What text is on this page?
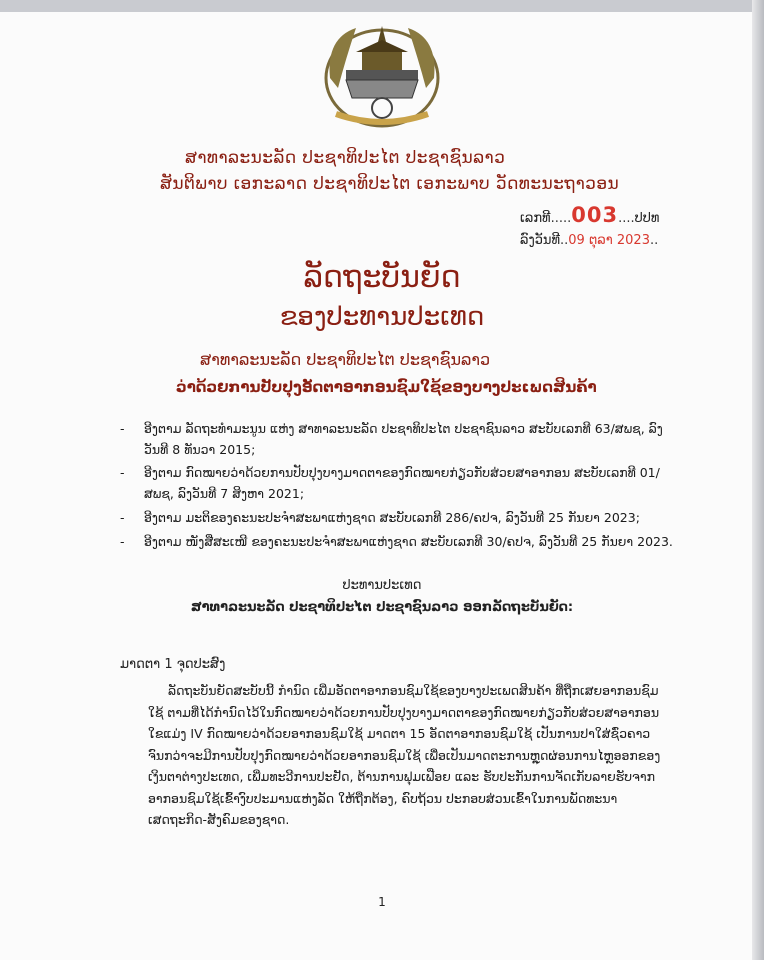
ສາທາລະນະລັດ ປະຊາທິປະໄຕ ປະຊາຊົນລາວ
ສັນຕິພາບ ເອກະລາດ ປະຊາທິປະໄຕ ເອກະພາບ ວັດທະນະຖາວອນ
ເລກທີ.....003....ປປທ
ລົງວັນທີ..09 ຕຸລາ 2023..
ລັດຖະບັນຍັດ
ຂອງປະທານປະເທດ
ສາທາລະນະລັດ ປະຊາທິປະໄຕ ປະຊາຊົນລາວ
ວ່າດ້ວຍການປັບປຸງອັດຕາອາກອນຊົມໃຊ້ຂອງບາງປະເພດສິນຄ້າ
- ອີງຕາມ ລັດຖະທຳມະນູນ ແຫ່ງ ສາທາລະນະລັດ ປະຊາທິປະໄຕ ປະຊາຊົນລາວ ສະບັບເລກທີ 63/ສພຊ, ລົງວັນທີ 8 ທັນວາ 2015;
- ອີງຕາມ ກົດໝາຍວ່າດ້ວຍການປັບປຸງບາງມາດຕາຂອງກົດໝາຍກ່ຽວກັບສ່ວຍສາອາກອນ ສະບັບເລກທີ 01/ສພຊ, ລົງວັນທີ 7 ສິງຫາ 2021;
- ອີງຕາມ ມະຕິຂອງຄະນະປະຈຳສະພາແຫ່ງຊາດ ສະບັບເລກທີ 286/ຄປຈ, ລົງວັນທີ 25 ກັນຍາ 2023;
- ອີງຕາມ ໜັງສືສະເໜີ ຂອງຄະນະປະຈຳສະພາແຫ່ງຊາດ ສະບັບເລກທີ 30/ຄປຈ, ລົງວັນທີ 25 ກັນຍາ 2023.
ປະທານປະເທດ
ສາທາລະນະລັດ ປະຊາທິປະໄຕ ປະຊາຊົນລາວ ອອກລັດຖະບັນຍັດ:
ມາດຕາ 1 ຈຸດປະສົງ
ລັດຖະບັນຍັດສະບັບນີ້ ກຳນົດ ເພີ່ມອັດຕາອາກອນຊົມໃຊ້ຂອງບາງປະເພດສິນຄ້າ ທີ່ຖືກເສຍອາກອນຊົມໃຊ້ ຕາມທີ່ໄດ້ກຳນົດໄວ້ໃນກົດໝາຍວ່າດ້ວຍການປັບປຸງບາງມາດຕາຂອງກົດໝາຍກ່ຽວກັບສ່ວຍສາອາກອນ ໃຂແມ່ງ IV ກົດໝາຍວ່າດ້ວຍອາກອນຊົມໃຊ້ ມາດຕາ 15 ອັດຕາອາກອນຊົມໃຊ້ ເປັນການປາໃສ່ຊົ່ວຄາວ ຈົນກວ່າຈະມີການປັບປຸງກົດໝາຍວ່າດ້ວຍອາກອນຊົມໃຊ້ ເພື່ອເປັນມາດຕະການຫຼຸດຜ່ອນການໄຫຼອອກຂອງເງິນຕາຕ່າງປະເທດ, ເພີ່ມທະວີການປະຢັດ, ຕ້ານການຟຸມເຟືອຍ ແລະ ຮັບປະກັນການຈັດເກັບລາຍຮັບຈາກອາກອນຊົມໃຊ້ເຂົ້າງົບປະມານແຫ່ງລັດ ໃຫ້ຖືກຕ້ອງ, ຄົບຖ້ວນ ປະກອບສ່ວນເຂົ້າໃນການພັດທະນາເສດຖະກິດ-ສັງຄົມຂອງຊາດ.
1
